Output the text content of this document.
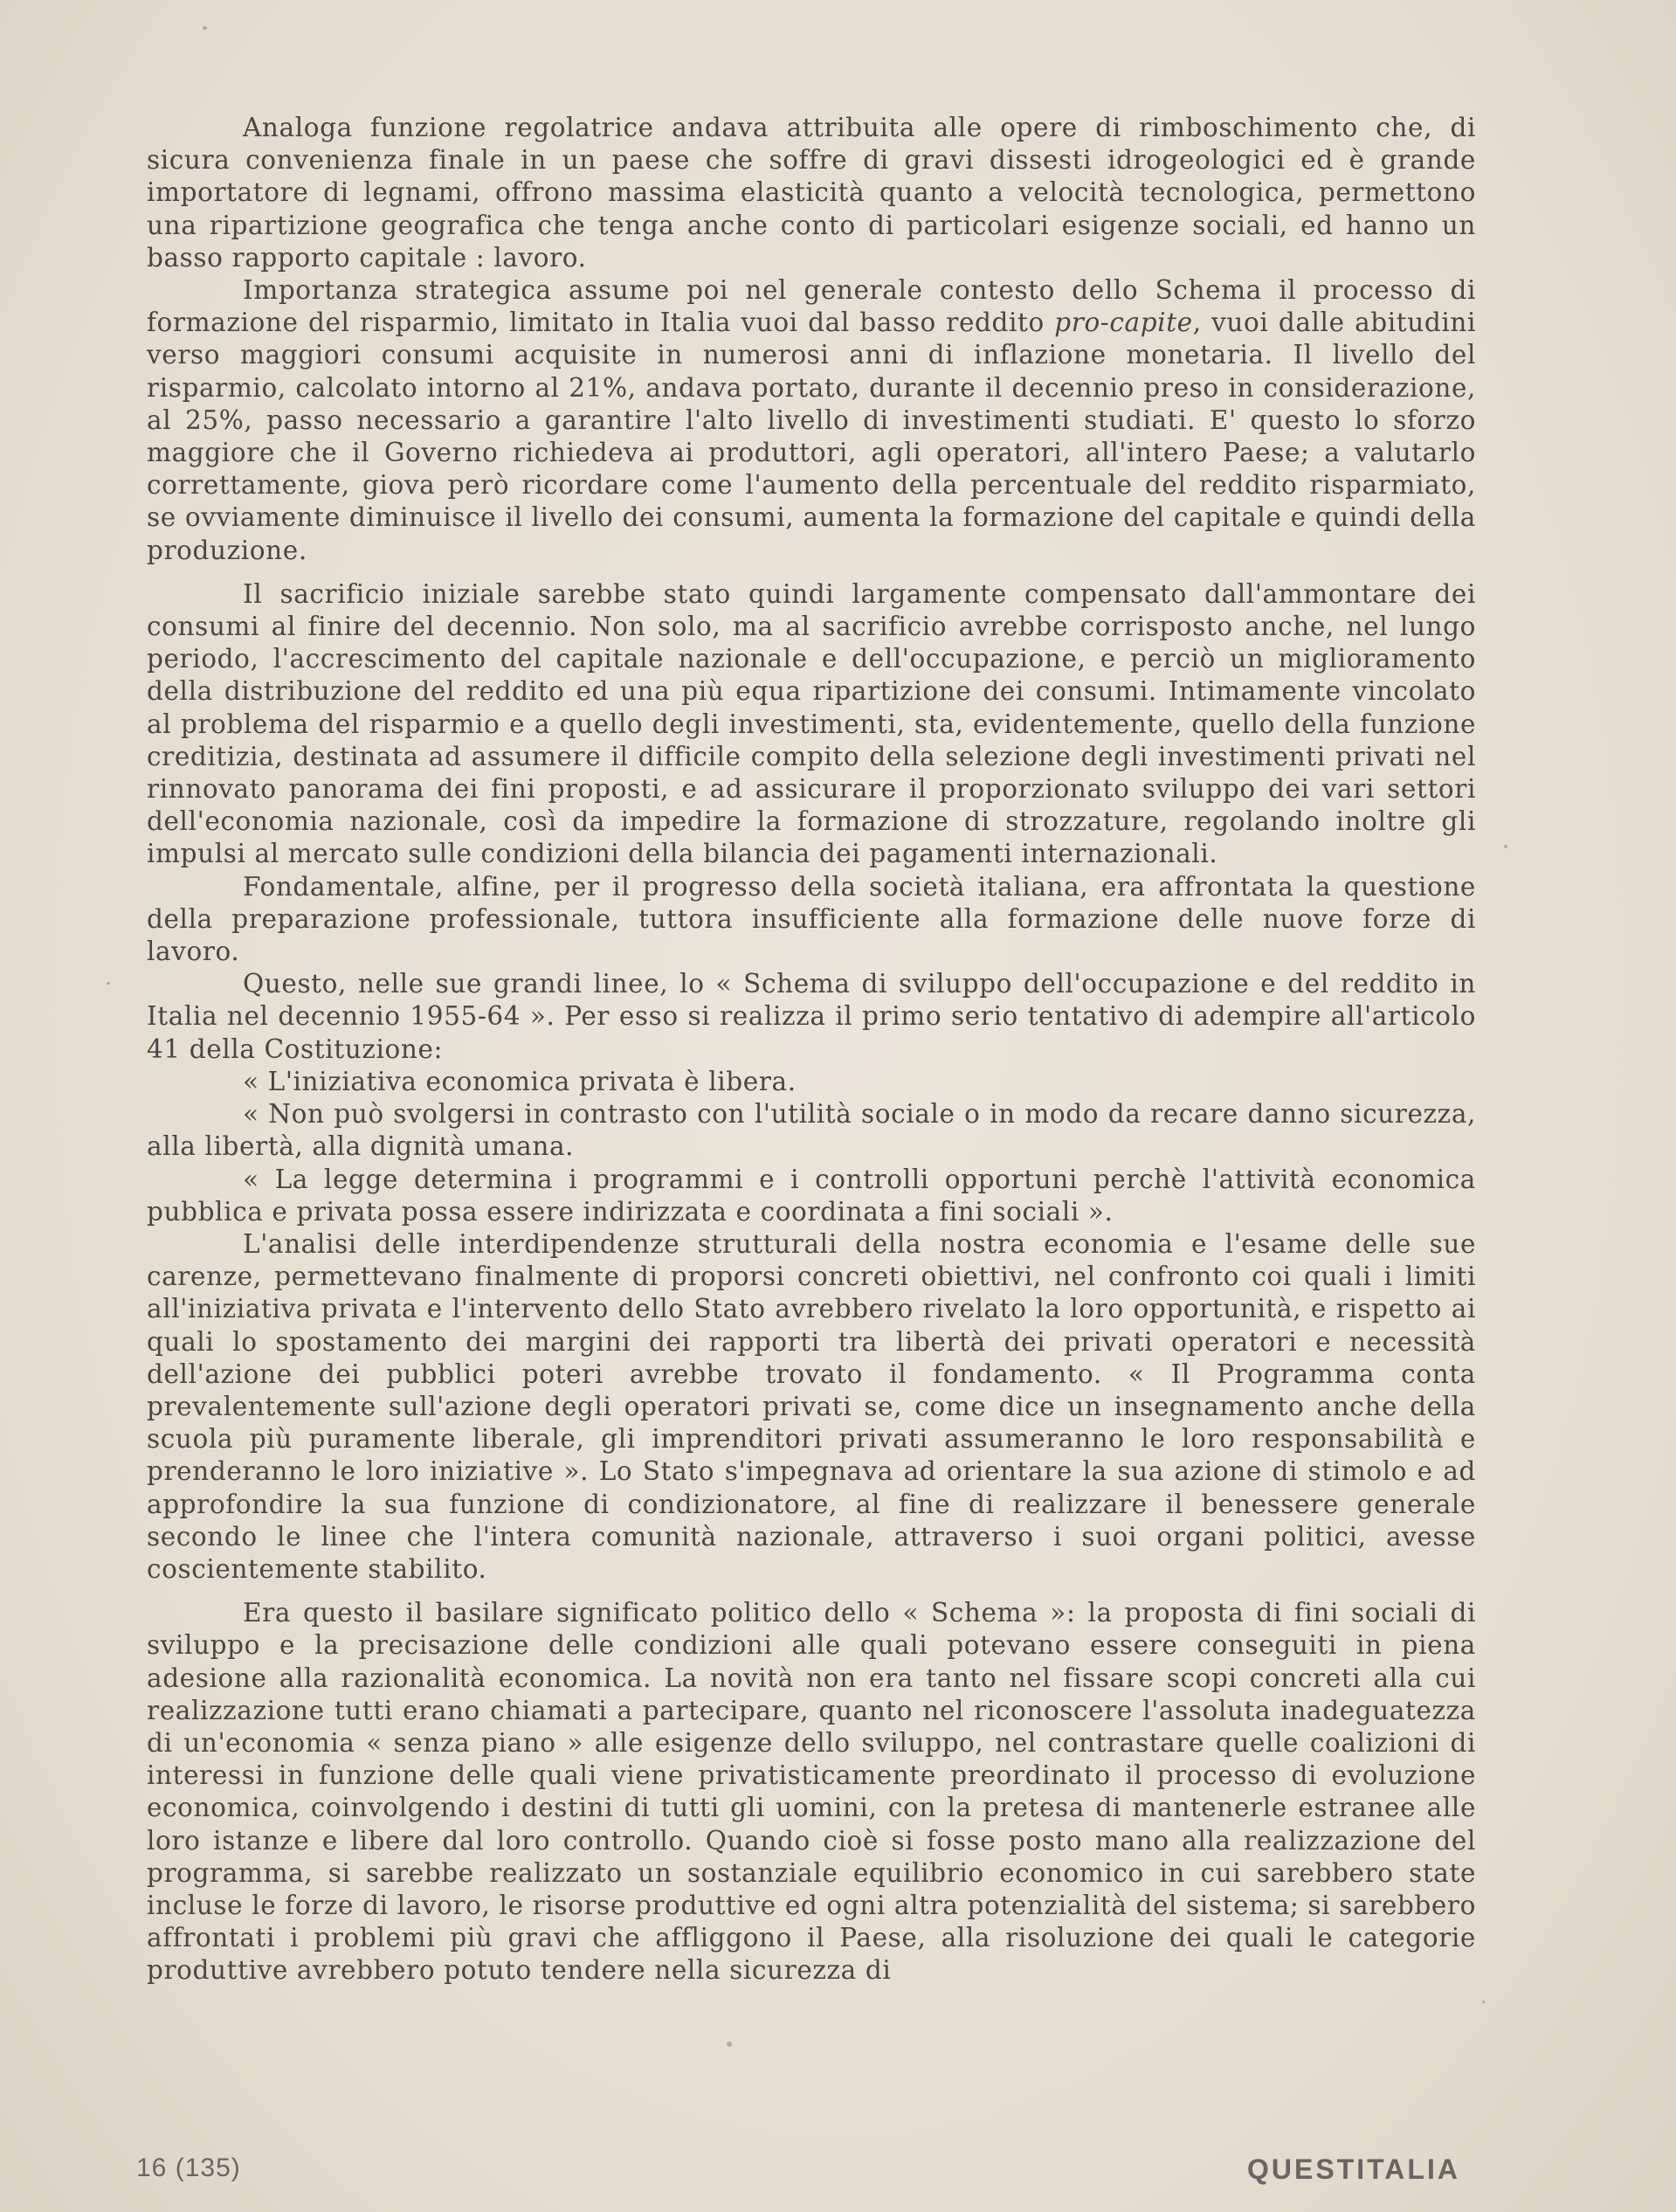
Analoga funzione regolatrice andava attribuita alle opere di rimboschimento che, di sicura convenienza finale in un paese che soffre di gravi dissesti idrogeologici ed è grande importatore di legnami, offrono massima elasticità quanto a velocità tecnologica, permettono una ripartizione geografica che tenga anche conto di particolari esigenze sociali, ed hanno un basso rapporto capitale : lavoro.

Importanza strategica assume poi nel generale contesto dello Schema il processo di formazione del risparmio, limitato in Italia vuoi dal basso reddito pro-capite, vuoi dalle abitudini verso maggiori consumi acquisite in numerosi anni di inflazione monetaria. Il livello del risparmio, calcolato intorno al 21%, andava portato, durante il decennio preso in considerazione, al 25%, passo necessario a garantire l'alto livello di investimenti studiati. E' questo lo sforzo maggiore che il Governo richiedeva ai produttori, agli operatori, all'intero Paese; a valutarlo correttamente, giova però ricordare come l'aumento della percentuale del reddito risparmiato, se ovviamente diminuisce il livello dei consumi, aumenta la formazione del capitale e quindi della produzione.

Il sacrificio iniziale sarebbe stato quindi largamente compensato dall'ammontare dei consumi al finire del decennio. Non solo, ma al sacrificio avrebbe corrisposto anche, nel lungo periodo, l'accrescimento del capitale nazionale e dell'occupazione, e perciò un miglioramento della distribuzione del reddito ed una più equa ripartizione dei consumi. Intimamente vincolato al problema del risparmio e a quello degli investimenti, sta, evidentemente, quello della funzione creditizia, destinata ad assumere il difficile compito della selezione degli investimenti privati nel rinnovato panorama dei fini proposti, e ad assicurare il proporzionato sviluppo dei vari settori dell'economia nazionale, così da impedire la formazione di strozzature, regolando inoltre gli impulsi al mercato sulle condizioni della bilancia dei pagamenti internazionali.

Fondamentale, alfine, per il progresso della società italiana, era affrontata la questione della preparazione professionale, tuttora insufficiente alla formazione delle nuove forze di lavoro.

Questo, nelle sue grandi linee, lo « Schema di sviluppo dell'occupazione e del reddito in Italia nel decennio 1955-64 ». Per esso si realizza il primo serio tentativo di adempire all'articolo 41 della Costituzione:

« L'iniziativa economica privata è libera.

« Non può svolgersi in contrasto con l'utilità sociale o in modo da recare danno sicurezza, alla libertà, alla dignità umana.

« La legge determina i programmi e i controlli opportuni perchè l'attività economica pubblica e privata possa essere indirizzata e coordinata a fini sociali ».

L'analisi delle interdipendenze strutturali della nostra economia e l'esame delle sue carenze, permettevano finalmente di proporsi concreti obiettivi, nel confronto coi quali i limiti all'iniziativa privata e l'intervento dello Stato avrebbero rivelato la loro opportunità, e rispetto ai quali lo spostamento dei margini dei rapporti tra libertà dei privati operatori e necessità dell'azione dei pubblici poteri avrebbe trovato il fondamento. « Il Programma conta prevalentemente sull'azione degli operatori privati se, come dice un insegnamento anche della scuola più puramente liberale, gli imprenditori privati assumeranno le loro responsabilità e prenderanno le loro iniziative ». Lo Stato s'impegnava ad orientare la sua azione di stimolo e ad approfondire la sua funzione di condizionatore, al fine di realizzare il benessere generale secondo le linee che l'intera comunità nazionale, attraverso i suoi organi politici, avesse coscientemente stabilito.

Era questo il basilare significato politico dello « Schema »: la proposta di fini sociali di sviluppo e la precisazione delle condizioni alle quali potevano essere conseguiti in piena adesione alla razionalità economica. La novità non era tanto nel fissare scopi concreti alla cui realizzazione tutti erano chiamati a partecipare, quanto nel riconoscere l'assoluta inadeguatezza di un'economia « senza piano » alle esigenze dello sviluppo, nel contrastare quelle coalizioni di interessi in funzione delle quali viene privatisticamente preordinato il processo di evoluzione economica, coinvolgendo i destini di tutti gli uomini, con la pretesa di mantenerle estranee alle loro istanze e libere dal loro controllo. Quando cioè si fosse posto mano alla realizzazione del programma, si sarebbe realizzato un sostanziale equilibrio economico in cui sarebbero state incluse le forze di lavoro, le risorse produttive ed ogni altra potenzialità del sistema; si sarebbero affrontati i problemi più gravi che affliggono il Paese, alla risoluzione dei quali le categorie produttive avrebbero potuto tendere nella sicurezza di

16 (135)	QUESTITALIA
